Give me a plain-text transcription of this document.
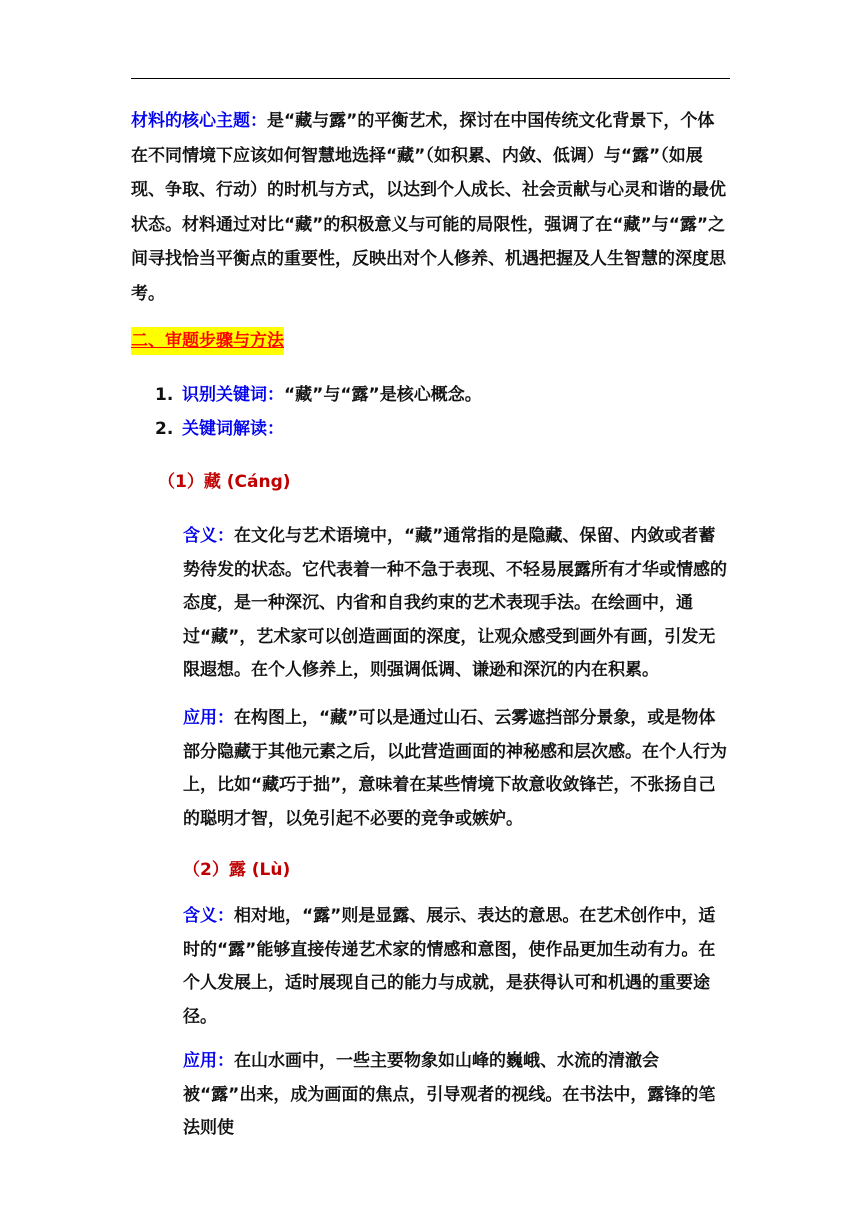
材料的核心主题：是“藏与露”的平衡艺术，探讨在中国传统文化背景下，个体在不同情境下应该如何智慧地选择“藏”（如积累、内敛、低调）与“露”（如展现、争取、行动）的时机与方式，以达到个人成长、社会贡献与心灵和谐的最优状态。材料通过对比“藏”的积极意义与可能的局限性，强调了在“藏”与“露”之间寻找恰当平衡点的重要性，反映出对个人修养、机遇把握及人生智慧的深度思考。

二、审题步骤与方法

1. 识别关键词：“藏”与“露”是核心概念。

2. 关键词解读：

（1）藏 (Cáng)

含义：在文化与艺术语境中，“藏”通常指的是隐藏、保留、内敛或者蓄势待发的状态。它代表着一种不急于表现、不轻易展露所有才华或情感的态度，是一种深沉、内省和自我约束的艺术表现手法。在绘画中，通过“藏”，艺术家可以创造画面的深度，让观众感受到画外有画，引发无限遐想。在个人修养上，则强调低调、谦逊和深沉的内在积累。

应用：在构图上，“藏”可以是通过山石、云雾遮挡部分景象，或是物体部分隐藏于其他元素之后，以此营造画面的神秘感和层次感。在个人行为上，比如“藏巧于拙”，意味着在某些情境下故意收敛锋芒，不张扬自己的聪明才智，以免引起不必要的竞争或嫉妒。

（2）露 (Lù)

含义：相对地，“露”则是显露、展示、表达的意思。在艺术创作中，适时的“露”能够直接传递艺术家的情感和意图，使作品更加生动有力。在个人发展上，适时展现自己的能力与成就，是获得认可和机遇的重要途径。

应用：在山水画中，一些主要物象如山峰的巍峨、水流的清澈会被“露”出来，成为画面的焦点，引导观者的视线。在书法中，露锋的笔法则使
